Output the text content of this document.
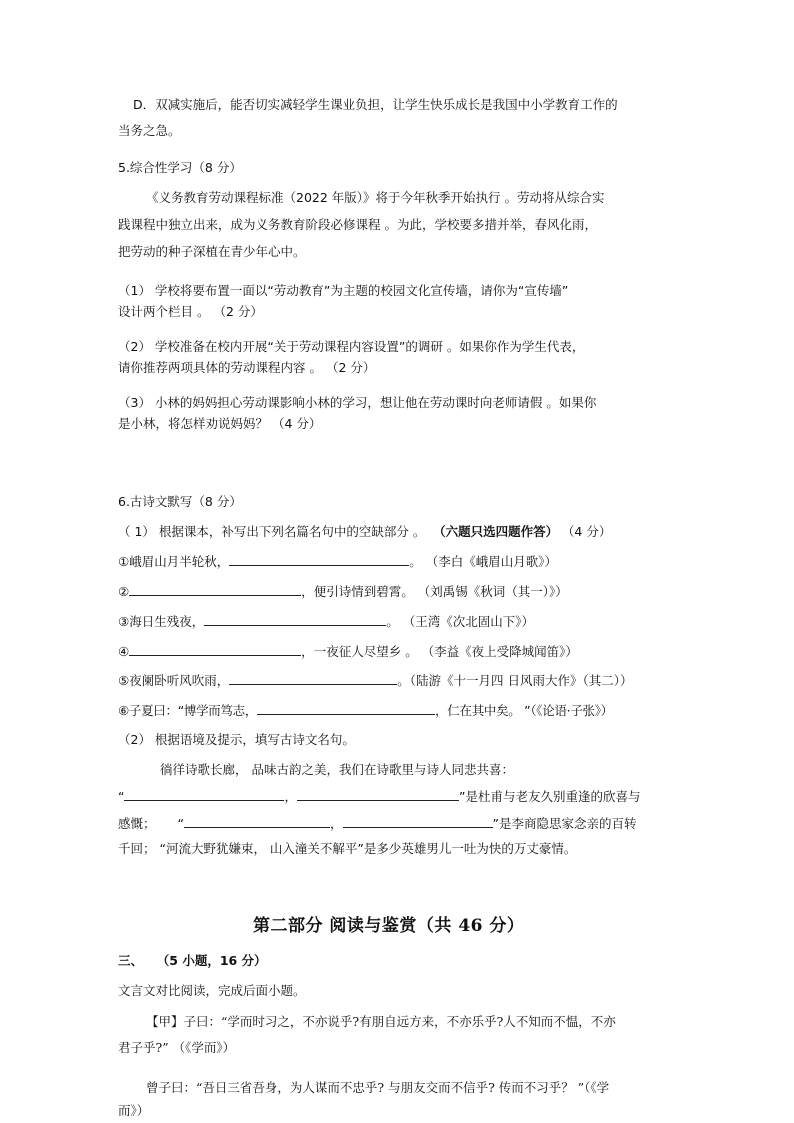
D．双减实施后，能否切实减轻学生课业负担，让学生快乐成长是我国中小学教育工作的
当务之急。
5.综合性学习（8 分）
《义务教育劳动课程标准（2022 年版）》将于今年秋季开始执行 。劳动将从综合实
践课程中独立出来，成为义务教育阶段必修课程 。为此，学校要多措并举，春风化雨，
把劳动的种子深植在青少年心中。
（1） 学校将要布置一面以“劳动教育”为主题的校园文化宣传墙，请你为“宣传墙”
设计两个栏目 。 （2 分）
（2） 学校准备在校内开展“关于劳动课程内容设置”的调研 。如果你作为学生代表，
请你推荐两项具体的劳动课程内容 。 （2 分）
（3） 小林的妈妈担心劳动课影响小林的学习，想让他在劳动课时向老师请假 。如果你
是小林，将怎样劝说妈妈？ （4 分）
6.古诗文默写（8 分）
（ 1） 根据课本，补写出下列名篇名句中的空缺部分 。 （六题只选四题作答） （4 分）
①峨眉山月半轮秋，	。 （李白《峨眉山月歌》）
②	，便引诗情到碧霄。 （刘禹锡《秋词（其一）》）
③海日生残夜，	。 （王湾《次北固山下》）
④	，一夜征人尽望乡 。 （李益《夜上受降城闻笛》）
⑤夜阑卧听风吹雨，	。（陆游《十一月四 日风雨大作》（其二））
⑥子夏曰：“博学而笃志，	，仁在其中矣。 ”（《论语·子张》）
（2） 根据语境及提示，填写古诗文名句。
徜徉诗歌长廊， 品味古韵之美，我们在诗歌里与诗人同悲共喜：
“	，	”是杜甫与老友久别重逢的欣喜与
感慨； “	，	”是李商隐思家念亲的百转
千回； “河流大野犹嫌束， 山入潼关不解平”是多少英雄男儿一吐为快的万丈豪情。
第二部分 阅读与鉴赏（共 46 分）
三、 （5 小题，16 分）
文言文对比阅读，完成后面小题。
【甲】子曰：“学而时习之，不亦说乎?有朋自远方来，不亦乐乎?人不知而不愠，不亦
君子乎?” （《学而》）
曾子曰：“吾日三省吾身，为人谋而不忠乎? 与朋友交而不信乎? 传而不习乎？ ”（《学
而》）
